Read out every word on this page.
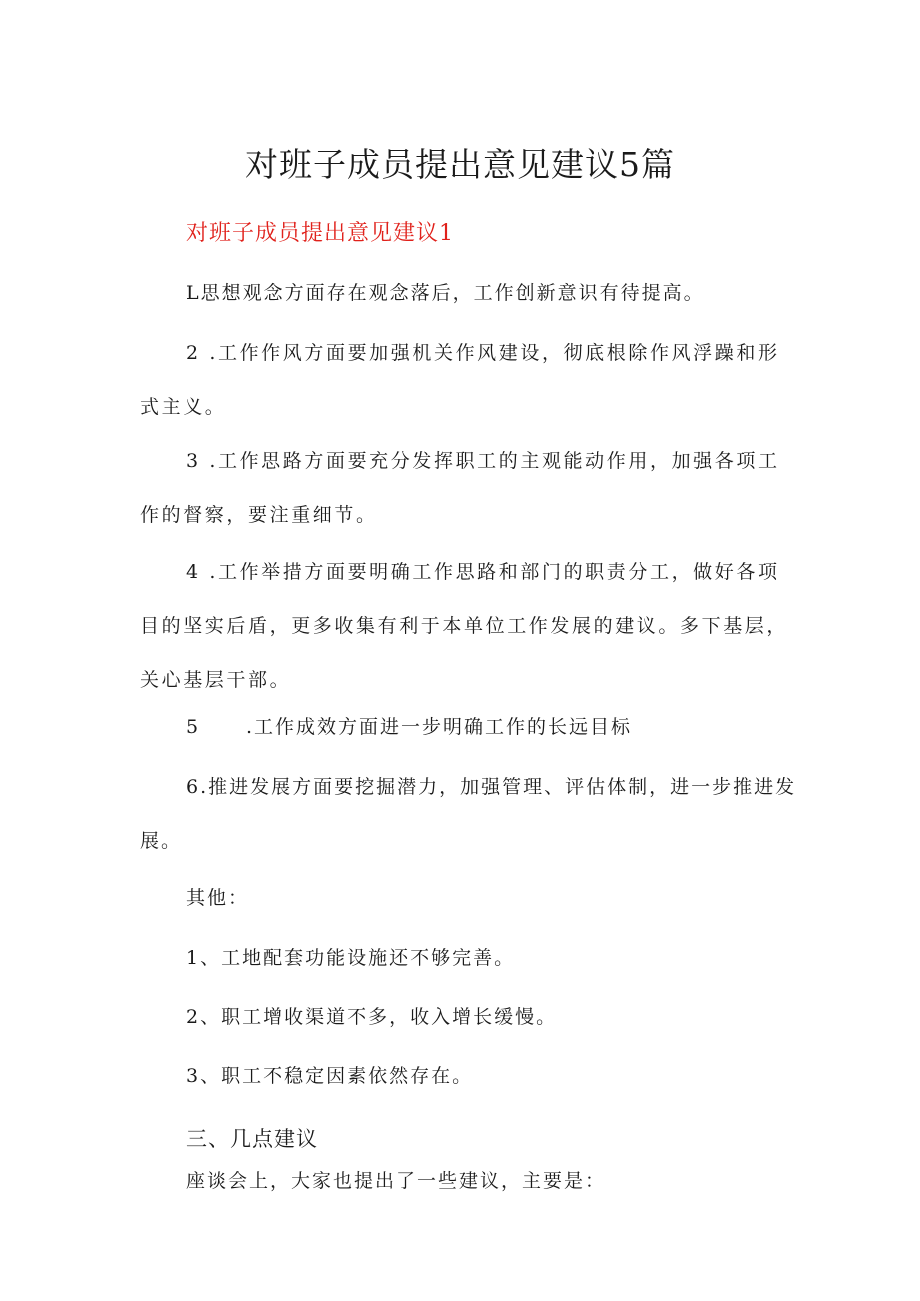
对班子成员提出意见建议5篇
对班子成员提出意见建议1

L思想观念方面存在观念落后，工作创新意识有待提高。

2 .工作作风方面要加强机关作风建设，彻底根除作风浮躁和形式主义。

3 .工作思路方面要充分发挥职工的主观能动作用，加强各项工作的督察，要注重细节。

4 .工作举措方面要明确工作思路和部门的职责分工，做好各项目的坚实后盾，更多收集有利于本单位工作发展的建议。多下基层，关心基层干部。

5 .工作成效方面进一步明确工作的长远目标

6.推进发展方面要挖掘潜力，加强管理、评估体制，进一步推进发展。

其他：

1、工地配套功能设施还不够完善。

2、职工增收渠道不多，收入增长缓慢。

3、职工不稳定因素依然存在。

三、几点建议

座谈会上，大家也提出了一些建议，主要是：
